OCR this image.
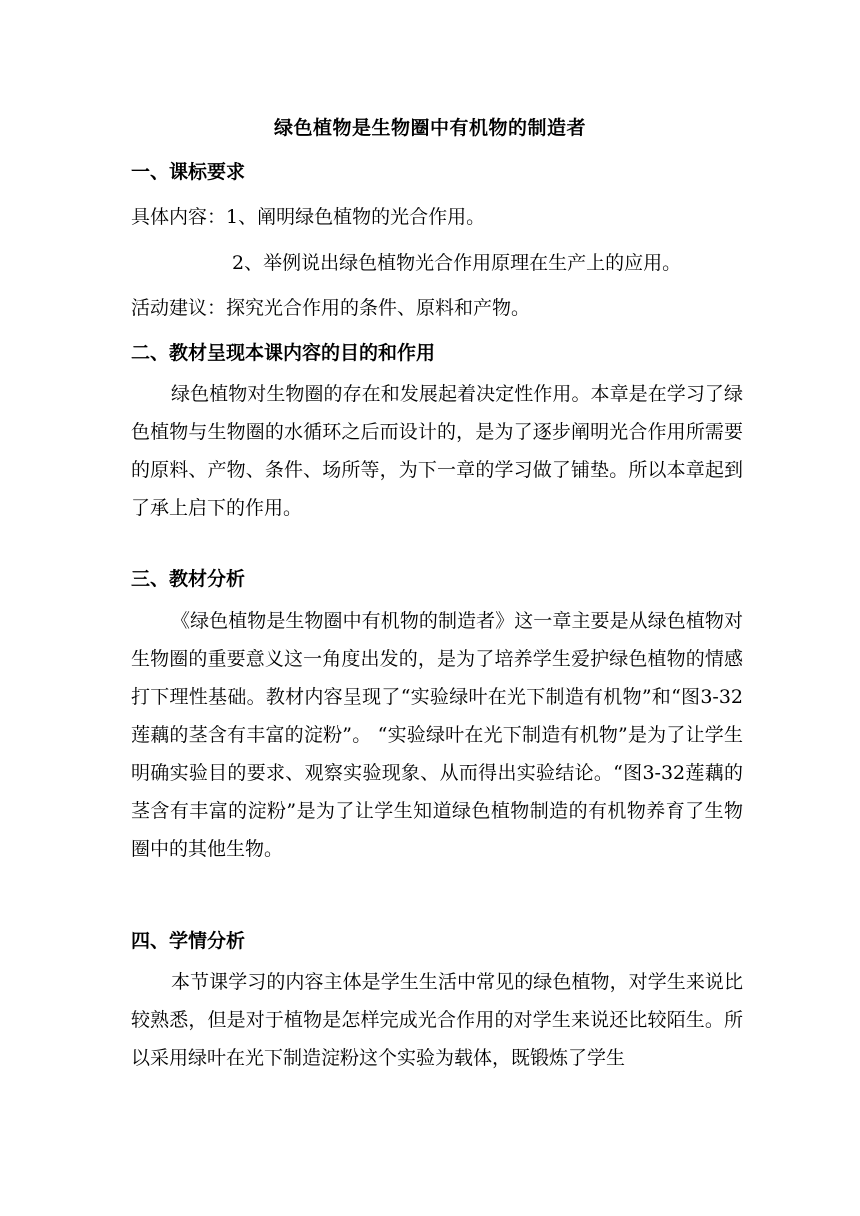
绿色植物是生物圈中有机物的制造者
一、课标要求
具体内容：1、阐明绿色植物的光合作用。
2、举例说出绿色植物光合作用原理在生产上的应用。
活动建议：探究光合作用的条件、原料和产物。
二、教材呈现本课内容的目的和作用

绿色植物对生物圈的存在和发展起着决定性作用。本章是在学习了绿色植物与生物圈的水循环之后而设计的，是为了逐步阐明光合作用所需要的原料、产物、条件、场所等，为下一章的学习做了铺垫。所以本章起到了承上启下的作用。

三、教材分析

《绿色植物是生物圈中有机物的制造者》这一章主要是从绿色植物对生物圈的重要意义这一角度出发的，是为了培养学生爱护绿色植物的情感打下理性基础。教材内容呈现了“实验绿叶在光下制造有机物”和“图3-32莲藕的茎含有丰富的淀粉”。 “实验绿叶在光下制造有机物”是为了让学生明确实验目的要求、观察实验现象、从而得出实验结论。“图3-32莲藕的茎含有丰富的淀粉”是为了让学生知道绿色植物制造的有机物养育了生物圈中的其他生物。

四、学情分析

本节课学习的内容主体是学生生活中常见的绿色植物，对学生来说比较熟悉，但是对于植物是怎样完成光合作用的对学生来说还比较陌生。所以采用绿叶在光下制造淀粉这个实验为载体，既锻炼了学生
